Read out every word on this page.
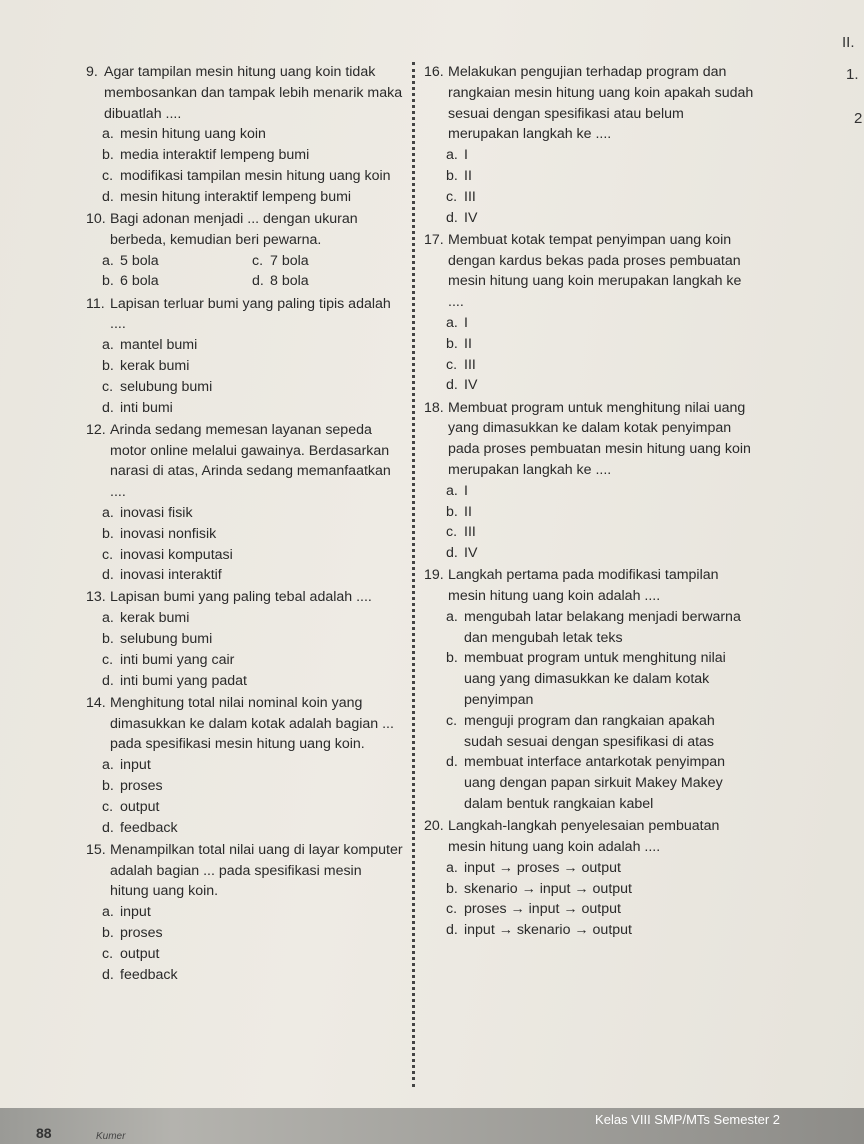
II.
1.
2
9. Agar tampilan mesin hitung uang koin tidak membosankan dan tampak lebih menarik maka dibuatlah ....
a. mesin hitung uang koin
b. media interaktif lempeng bumi
c. modifikasi tampilan mesin hitung uang koin
d. mesin hitung interaktif lempeng bumi
10. Bagi adonan menjadi ... dengan ukuran berbeda, kemudian beri pewarna.
a. 5 bola	c. 7 bola
b. 6 bola	d. 8 bola
11. Lapisan terluar bumi yang paling tipis adalah ....
a. mantel bumi
b. kerak bumi
c. selubung bumi
d. inti bumi
12. Arinda sedang memesan layanan sepeda motor online melalui gawainya. Berdasarkan narasi di atas, Arinda sedang memanfaatkan ....
a. inovasi fisik
b. inovasi nonfisik
c. inovasi komputasi
d. inovasi interaktif
13. Lapisan bumi yang paling tebal adalah ....
a. kerak bumi
b. selubung bumi
c. inti bumi yang cair
d. inti bumi yang padat
14. Menghitung total nilai nominal koin yang dimasukkan ke dalam kotak adalah bagian ... pada spesifikasi mesin hitung uang koin.
a. input
b. proses
c. output
d. feedback
15. Menampilkan total nilai uang di layar komputer adalah bagian ... pada spesifikasi mesin hitung uang koin.
a. input
b. proses
c. output
d. feedback
16. Melakukan pengujian terhadap program dan rangkaian mesin hitung uang koin apakah sudah sesuai dengan spesifikasi atau belum merupakan langkah ke ....
a. I
b. II
c. III
d. IV
17. Membuat kotak tempat penyimpan uang koin dengan kardus bekas pada proses pembuatan mesin hitung uang koin merupakan langkah ke ....
a. I
b. II
c. III
d. IV
18. Membuat program untuk menghitung nilai uang yang dimasukkan ke dalam kotak penyimpan pada proses pembuatan mesin hitung uang koin merupakan langkah ke ....
a. I
b. II
c. III
d. IV
19. Langkah pertama pada modifikasi tampilan mesin hitung uang koin adalah ....
a. mengubah latar belakang menjadi berwarna dan mengubah letak teks
b. membuat program untuk menghitung nilai uang yang dimasukkan ke dalam kotak penyimpan
c. menguji program dan rangkaian apakah sudah sesuai dengan spesifikasi di atas
d. membuat interface antarkotak penyimpan uang dengan papan sirkuit Makey Makey dalam bentuk rangkaian kabel
20. Langkah-langkah penyelesaian pembuatan mesin hitung uang koin adalah ....
a. input → proses → output
b. skenario → input → output
c. proses → input → output
d. input → skenario → output
Kelas VIII SMP/MTs Semester 2
88	Kumer
